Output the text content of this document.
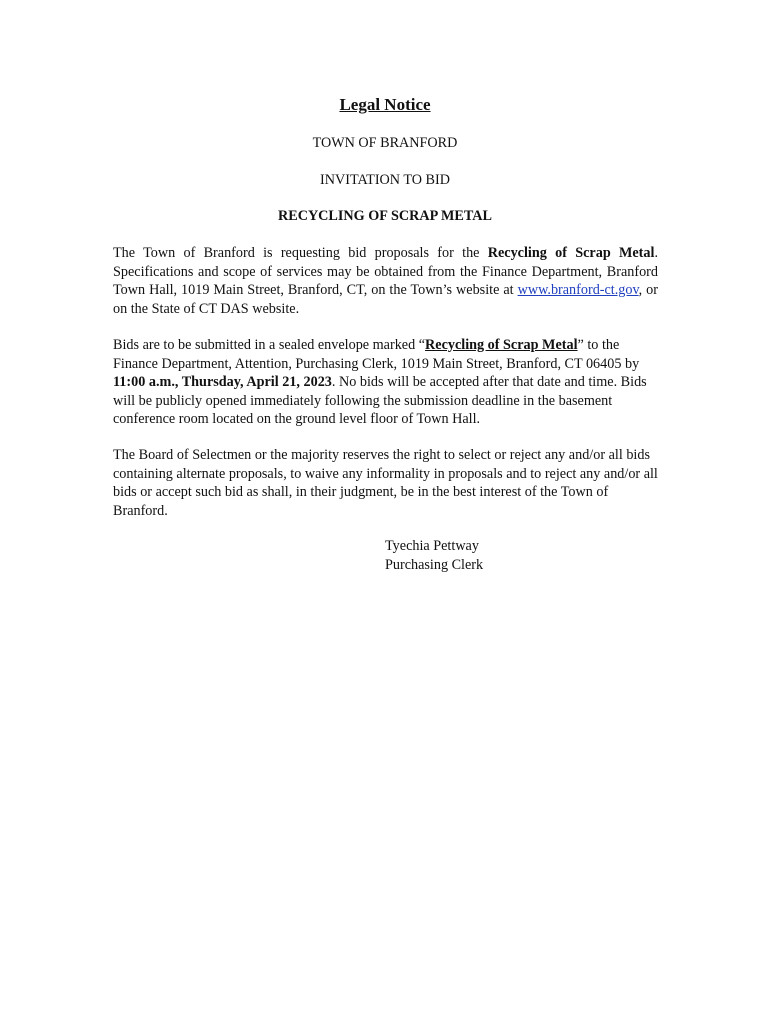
Legal Notice
TOWN OF BRANFORD
INVITATION TO BID
RECYCLING OF SCRAP METAL

The Town of Branford is requesting bid proposals for the Recycling of Scrap Metal. Specifications and scope of services may be obtained from the Finance Department, Branford Town Hall, 1019 Main Street, Branford, CT, on the Town’s website at www.branford-ct.gov, or on the State of CT DAS website.

Bids are to be submitted in a sealed envelope marked “Recycling of Scrap Metal” to the Finance Department, Attention, Purchasing Clerk, 1019 Main Street, Branford, CT 06405 by 11:00 a.m., Thursday, April 21, 2023. No bids will be accepted after that date and time. Bids will be publicly opened immediately following the submission deadline in the basement conference room located on the ground level floor of Town Hall.

The Board of Selectmen or the majority reserves the right to select or reject any and/or all bids containing alternate proposals, to waive any informality in proposals and to reject any and/or all bids or accept such bid as shall, in their judgment, be in the best interest of the Town of Branford.

Tyechia Pettway
Purchasing Clerk
